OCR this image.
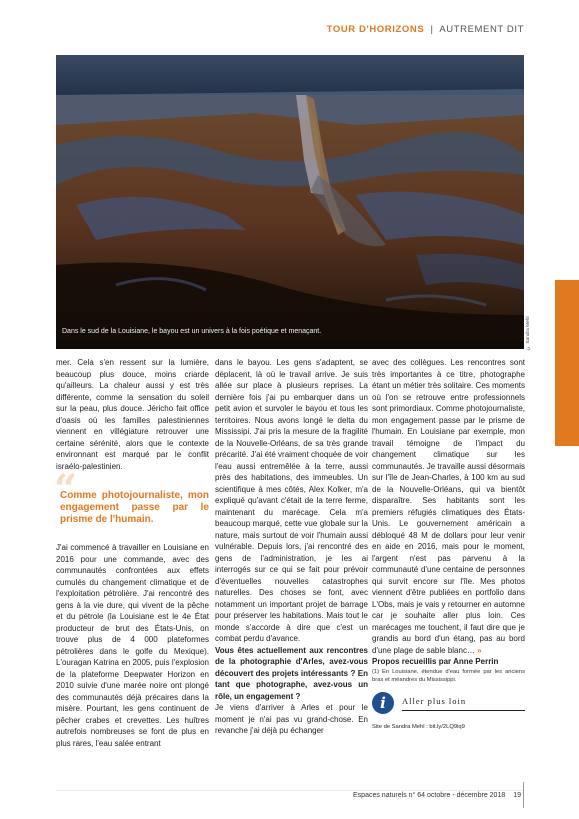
TOUR D'HORIZONS | AUTREMENT DIT
Dans le sud de la Louisiane, le bayou est un univers à la fois poétique et menaçant.	© Sandra Mehl

mer. Cela s'en ressent sur la lumière, beaucoup plus douce, moins criarde qu'ailleurs. La chaleur aussi y est très différente, comme la sensation du soleil sur la peau, plus douce. Jéricho fait office d'oasis où les familles palestiniennes viennent en villégiature retrouver une certaine sérénité, alors que le contexte environnant est marqué par le conflit israélo-palestinien.

“
Comme photojournaliste, mon engagement passe par le prisme de l'humain.

J'ai commencé à travailler en Louisiane en 2016 pour une commande, avec des communautés confrontées aux effets cumulés du changement climatique et de l'exploitation pétrolière. J'ai rencontré des gens à la vie dure, qui vivent de la pêche et du pétrole (la Louisiane est le 4e État producteur de brut des États-Unis, on trouve plus de 4 000 plateformes pétrolières dans le golfe du Mexique). L'ouragan Katrina en 2005, puis l'explosion de la plateforme Deepwater Horizon en 2010 suivie d'une marée noire ont plongé des communautés déjà précaires dans la misère. Pourtant, les gens continuent de pêcher crabes et crevettes. Les huîtres autrefois nombreuses se font de plus en plus rares, l'eau salée entrant

dans le bayou. Les gens s'adaptent, se déplacent, là où le travail arrive. Je suis allée sur place à plusieurs reprises. La dernière fois j'ai pu embarquer dans un petit avion et survoler le bayou et tous les territoires. Nous avons longé le delta du Mississipi. J'ai pris la mesure de la fragilité de la Nouvelle-Orléans, de sa très grande précarité. J'ai été vraiment choquée de voir l'eau aussi entremêlée à la terre, aussi près des habitations, des immeubles. Un scientifique à mes côtés, Alex Kolker, m'a expliqué qu'avant c'était de la terre ferme, maintenant du marécage. Cela m'a beaucoup marqué, cette vue globale sur la nature, mais surtout de voir l'humain aussi vulnérable. Depuis lors, j'ai rencontré des gens de l'administration, je les ai interrogés sur ce qui se fait pour prévoir d'éventuelles nouvelles catastrophes naturelles. Des choses se font, avec notamment un important projet de barrage pour préserver les habitations. Mais tout le monde s'accorde à dire que c'est un combat perdu d'avance.

Vous êtes actuellement aux rencontres de la photographie d'Arles, avez-vous découvert des projets intéressants ? En tant que photographe, avez-vous un rôle, un engagement ?

Je viens d'arriver à Arles et pour le moment je n'ai pas vu grand-chose. En revanche j'ai déjà pu échanger

avec des collègues. Les rencontres sont très importantes à ce titre, photographe étant un métier très solitaire. Ces moments où l'on se retrouve entre professionnels sont primordiaux. Comme photojournaliste, mon engagement passe par le prisme de l'humain. En Louisiane par exemple, mon travail témoigne de l'impact du changement climatique sur les communautés. Je travaille aussi désormais sur l'île de Jean-Charles, à 100 km au sud de la Nouvelle-Orléans, qui va bientôt disparaître. Ses habitants sont les premiers réfugiés climatiques des États-Unis. Le gouvernement américain a débloqué 48 M de dollars pour leur venir en aide en 2016, mais pour le moment, l'argent n'est pas parvenu à la communauté d'une centaine de personnes qui survit encore sur l'île. Mes photos viennent d'être publiées en portfolio dans L'Obs, mais je vais y retourner en automne car je souhaite aller plus loin. Ces marécages me touchent, il faut dire que je grandis au bord d'un étang, pas au bord d'une plage de sable blanc… »
Propos recueillis par Anne Perrin

(1) En Louisiane, étendue d'eau formée par les anciens bras et méandres du Mississippi.

i	Aller plus loin
Site de Sandra Mehl : bit.ly/2LQ9iq9
Espaces naturels n° 64 octobre - décembre 2018 19
